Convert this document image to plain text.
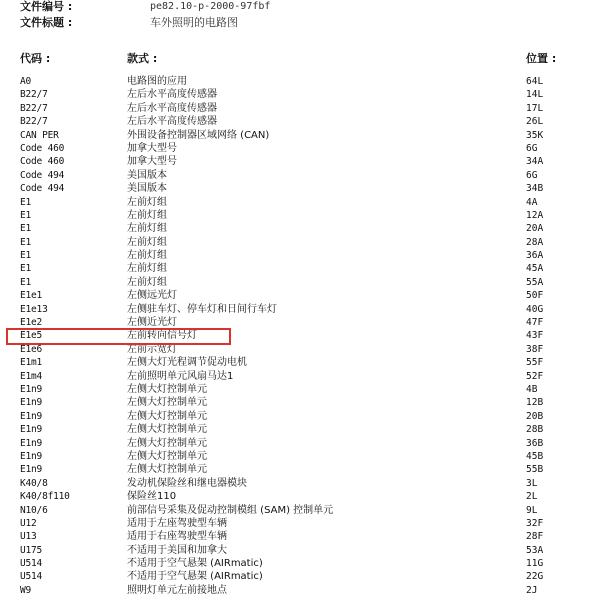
文件编号 :	pe82.10-p-2000-97fbf
文件标题 :	车外照明的电路图
代码 :	款式 :	位置 :
A0	电路图的应用	64L
B22/7	左后水平高度传感器	14L
B22/7	左后水平高度传感器	17L
B22/7	左后水平高度传感器	26L
CAN PER	外围设备控制器区域网络 (CAN)	35K
Code 460	加拿大型号	6G
Code 460	加拿大型号	34A
Code 494	美国版本	6G
Code 494	美国版本	34B
E1	左前灯组	4A
E1	左前灯组	12A
E1	左前灯组	20A
E1	左前灯组	28A
E1	左前灯组	36A
E1	左前灯组	45A
E1	左前灯组	55A
E1e1	左侧远光灯	50F
E1e13	左侧驻车灯、停车灯和日间行车灯	40G
E1e2	左侧近光灯	47F
E1e5	左前转向信号灯	43F
E1e6	左前示宽灯	38F
E1m1	左侧大灯光程调节促动电机	55F
E1m4	左前照明单元风扇马达1	52F
E1n9	左侧大灯控制单元	4B
E1n9	左侧大灯控制单元	12B
E1n9	左侧大灯控制单元	20B
E1n9	左侧大灯控制单元	28B
E1n9	左侧大灯控制单元	36B
E1n9	左侧大灯控制单元	45B
E1n9	左侧大灯控制单元	55B
K40/8	发动机保险丝和继电器模块	3L
K40/8f110	保险丝110	2L
N10/6	前部信号采集及促动控制模组 (SAM) 控制单元	9L
U12	适用于左座驾驶型车辆	32F
U13	适用于右座驾驶型车辆	28F
U175	不适用于美国和加拿大	53A
U514	不适用于空气悬架 (AIRmatic)	11G
U514	不适用于空气悬架 (AIRmatic)	22G
W9	照明灯单元左前接地点	2J
